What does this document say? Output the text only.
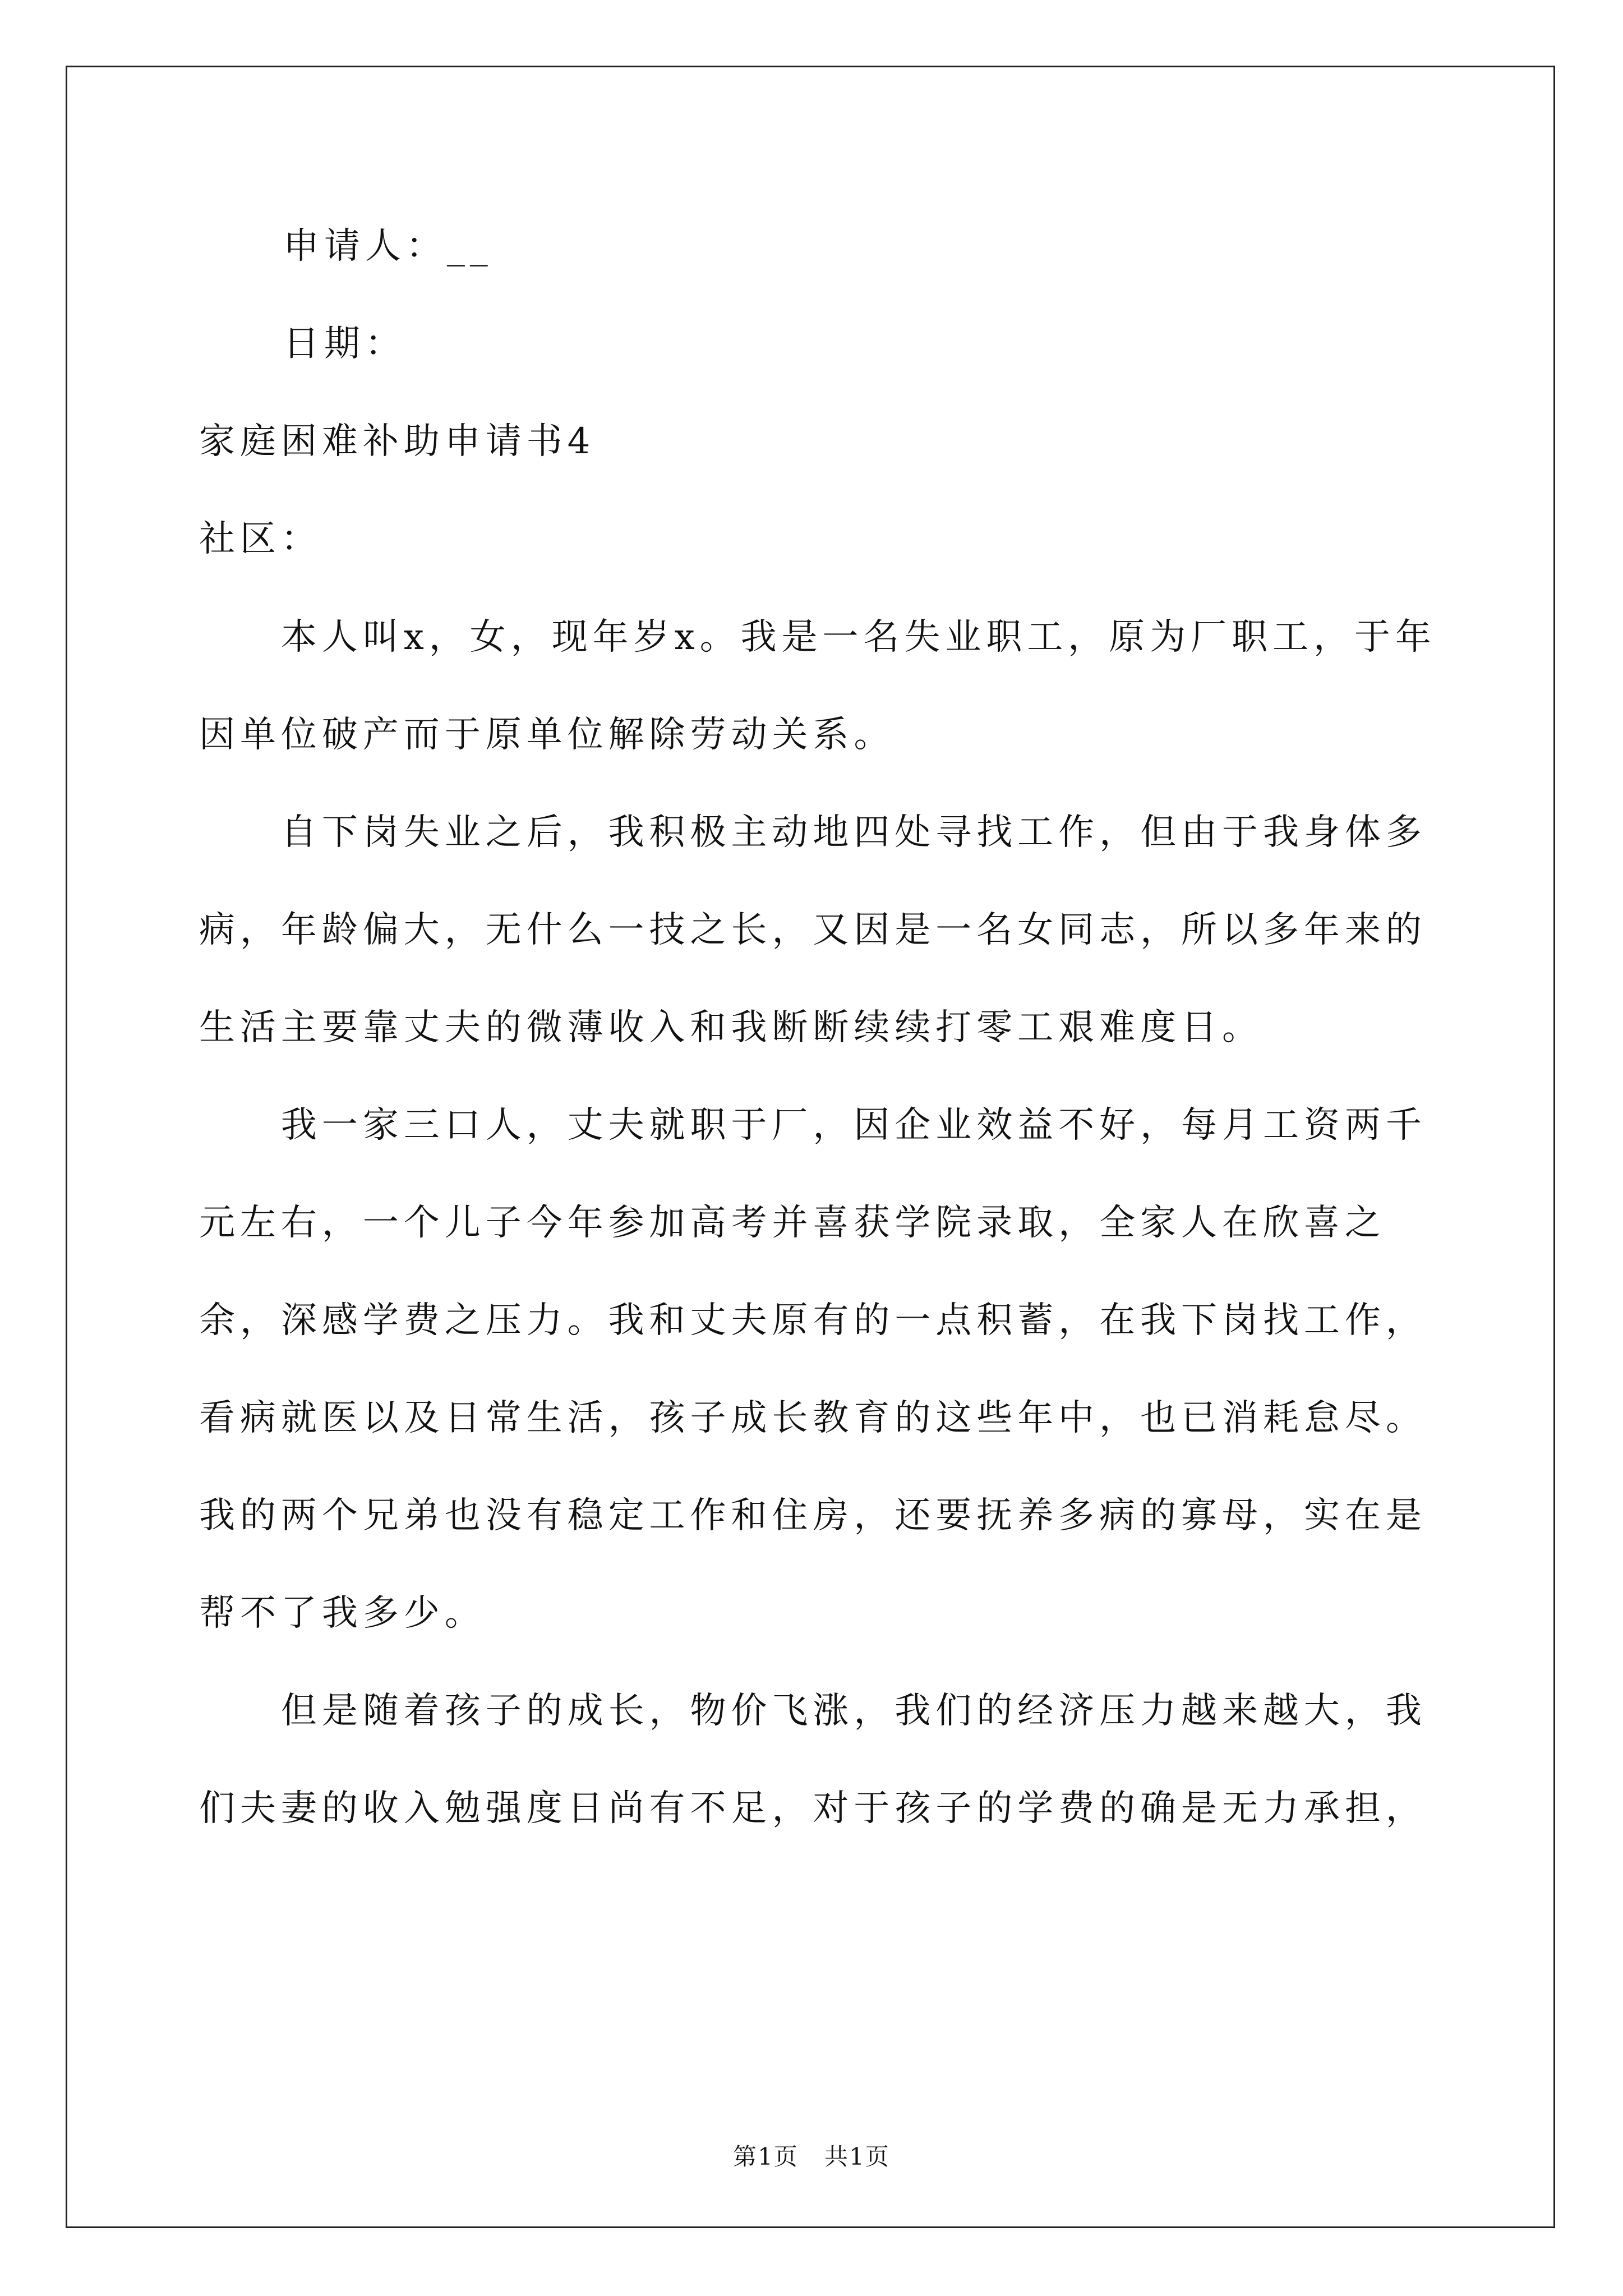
申请人：__
日期：
家庭困难补助申请书4
社区：

本人叫x，女，现年岁x。我是一名失业职工，原为厂职工，于年因单位破产而于原单位解除劳动关系。

自下岗失业之后，我积极主动地四处寻找工作，但由于我身体多病，年龄偏大，无什么一技之长，又因是一名女同志，所以多年来的生活主要靠丈夫的微薄收入和我断断续续打零工艰难度日。

我一家三口人，丈夫就职于厂，因企业效益不好，每月工资两千元左右，一个儿子今年参加高考并喜获学院录取，全家人在欣喜之余，深感学费之压力。我和丈夫原有的一点积蓄，在我下岗找工作，看病就医以及日常生活，孩子成长教育的这些年中，也已消耗怠尽。我的两个兄弟也没有稳定工作和住房，还要抚养多病的寡母，实在是帮不了我多少。

但是随着孩子的成长，物价飞涨，我们的经济压力越来越大，我们夫妻的收入勉强度日尚有不足，对于孩子的学费的确是无力承担，

第1页 共1页
